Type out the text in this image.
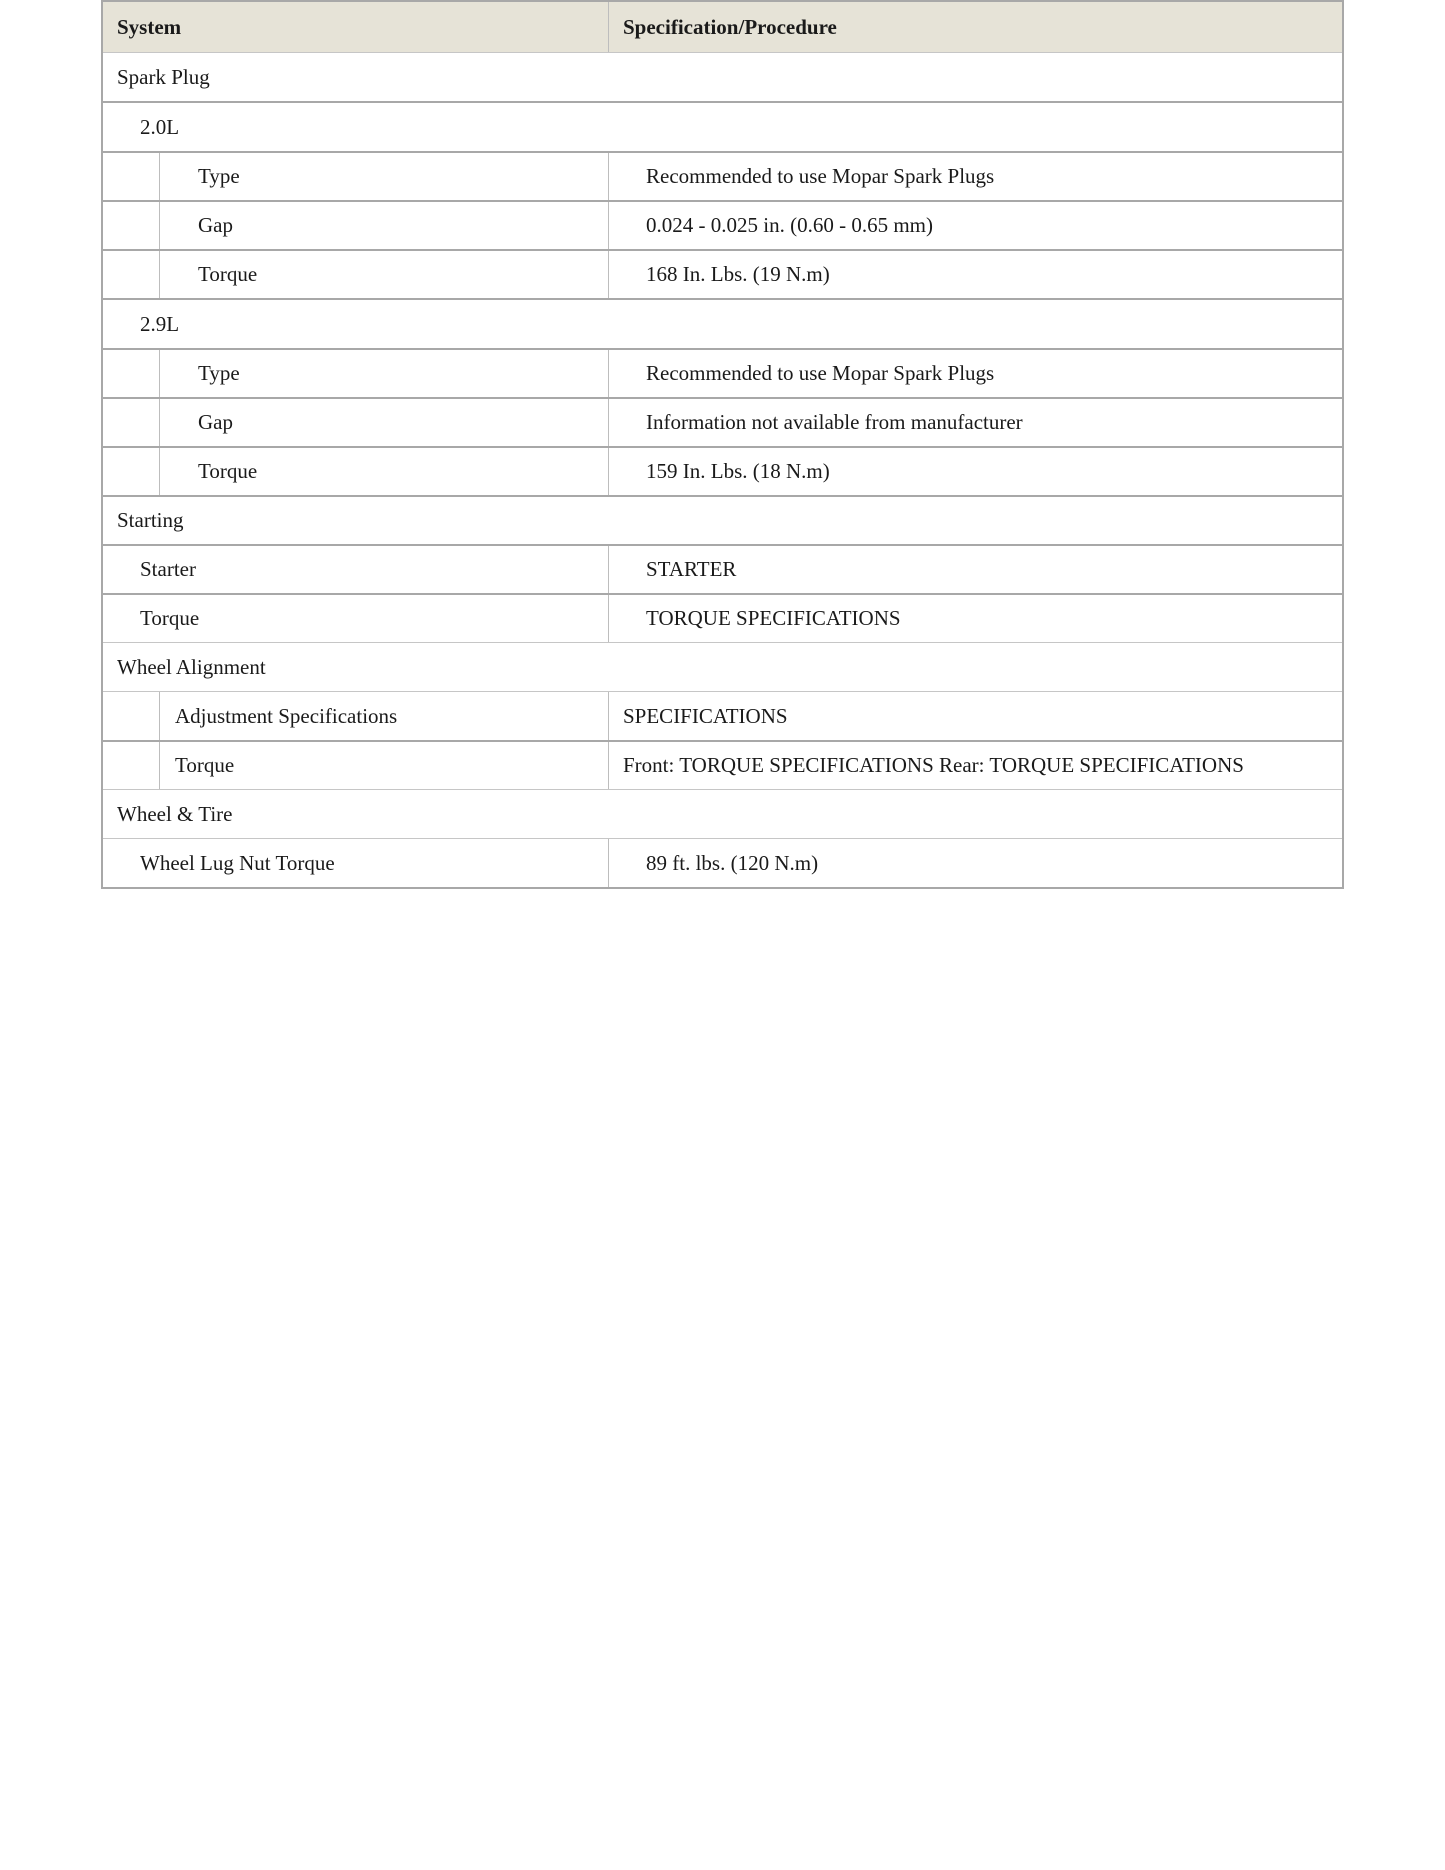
System	Specification/Procedure
Spark Plug
2.0L
Type	Recommended to use Mopar Spark Plugs
Gap	0.024 - 0.025 in. (0.60 - 0.65 mm)
Torque	168 In. Lbs. (19 N.m)
2.9L
Type	Recommended to use Mopar Spark Plugs
Gap	Information not available from manufacturer
Torque	159 In. Lbs. (18 N.m)
Starting
Starter	STARTER
Torque	TORQUE SPECIFICATIONS
Wheel Alignment
Adjustment Specifications	SPECIFICATIONS
Torque	Front: TORQUE SPECIFICATIONS Rear: TORQUE SPECIFICATIONS
Wheel & Tire
Wheel Lug Nut Torque	89 ft. lbs. (120 N.m)
